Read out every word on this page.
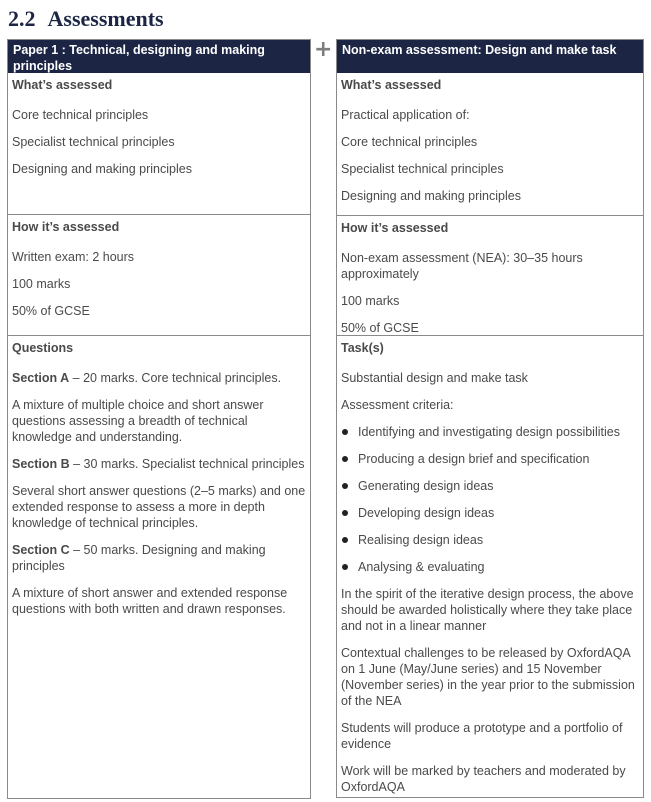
2.2 Assessments
Paper 1 : Technical, designing and making principles
What’s assessed
Core technical principles
Specialist technical principles
Designing and making principles
How it’s assessed
Written exam: 2 hours
100 marks
50% of GCSE
Questions
Section A – 20 marks. Core technical principles.
A mixture of multiple choice and short answer questions assessing a breadth of technical knowledge and understanding.
Section B – 30 marks. Specialist technical principles
Several short answer questions (2–5 marks) and one extended response to assess a more in depth knowledge of technical principles.
Section C – 50 marks. Designing and making principles
A mixture of short answer and extended response questions with both written and drawn responses.
+ Non-exam assessment: Design and make task
What’s assessed
Practical application of:
Core technical principles
Specialist technical principles
Designing and making principles
How it’s assessed
Non-exam assessment (NEA): 30–35 hours approximately
100 marks
50% of GCSE
Task(s)
Substantial design and make task
Assessment criteria:
Identifying and investigating design possibilities
Producing a design brief and specification
Generating design ideas
Developing design ideas
Realising design ideas
Analysing & evaluating
In the spirit of the iterative design process, the above should be awarded holistically where they take place and not in a linear manner
Contextual challenges to be released by OxfordAQA on 1 June (May/June series) and 15 November (November series) in the year prior to the submission of the NEA
Students will produce a prototype and a portfolio of evidence
Work will be marked by teachers and moderated by OxfordAQA
